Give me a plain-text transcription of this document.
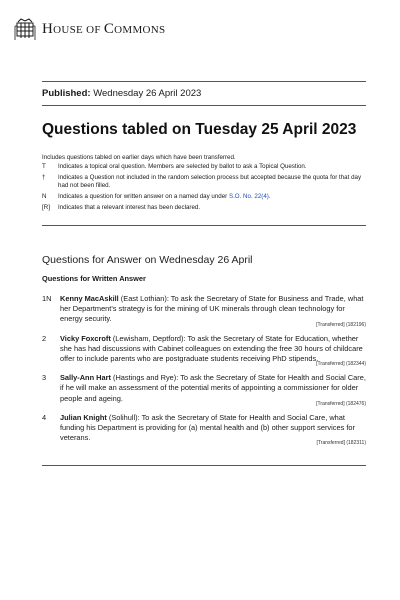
HOUSE OF COMMONS
Published: Wednesday 26 April 2023
Questions tabled on Tuesday 25 April 2023
Includes questions tabled on earlier days which have been transferred.
T	Indicates a topical oral question. Members are selected by ballot to ask a Topical Question.
†	Indicates a Question not included in the random selection process but accepted because the quota for that day had not been filled.
N	Indicates a question for written answer on a named day under S.O. No. 22(4).
[R]	Indicates that a relevant interest has been declared.
Questions for Answer on Wednesday 26 April
Questions for Written Answer
1N	Kenny MacAskill (East Lothian): To ask the Secretary of State for Business and Trade, what her Department's strategy is for the mining of UK minerals through clean technology for energy security.
[Transferred] (182196)
2	Vicky Foxcroft (Lewisham, Deptford): To ask the Secretary of State for Education, whether she has had discussions with Cabinet colleagues on extending the free 30 hours of childcare offer to include parents who are postgraduate students receiving PhD stipends.
[Transferred] (182344)
3	Sally-Ann Hart (Hastings and Rye): To ask the Secretary of State for Health and Social Care, if he will make an assessment of the potential merits of appointing a commissioner for older people and ageing.
[Transferred] (182476)
4	Julian Knight (Solihull): To ask the Secretary of State for Health and Social Care, what funding his Department is providing for (a) mental health and (b) other support services for veterans.
[Transferred] (182311)
